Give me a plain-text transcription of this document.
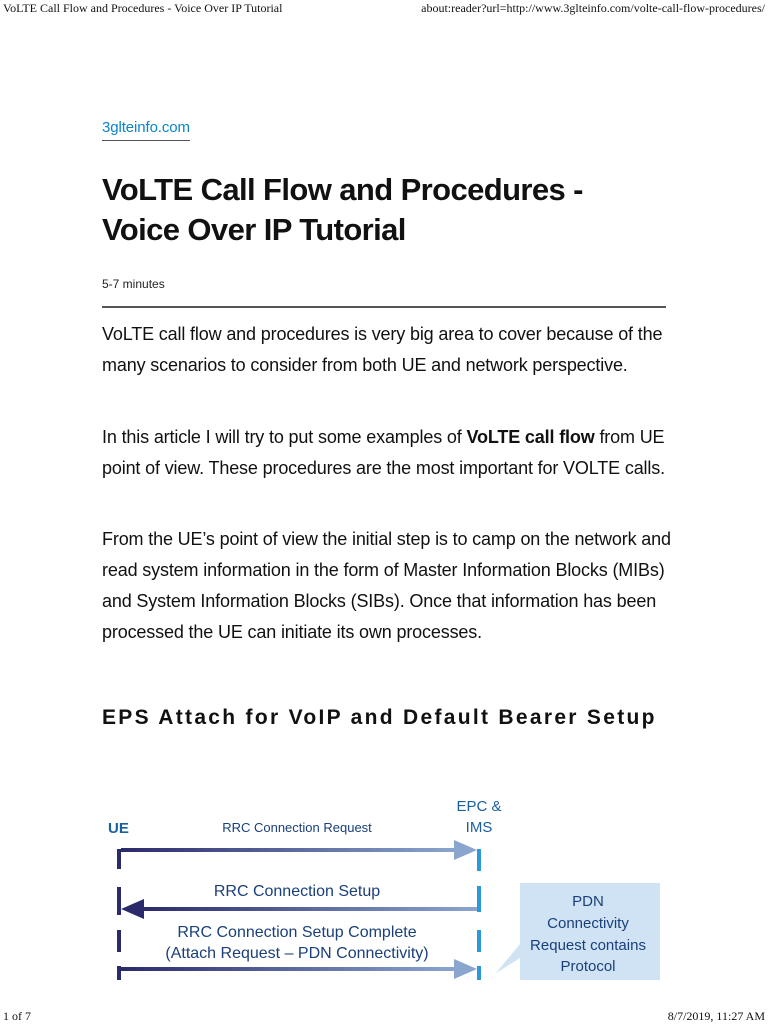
VoLTE Call Flow and Procedures - Voice Over IP Tutorial	about:reader?url=http://www.3glteinfo.com/volte-call-flow-procedures/
3glteinfo.com
VoLTE Call Flow and Procedures - Voice Over IP Tutorial
5-7 minutes

VoLTE call flow and procedures is very big area to cover because of the many scenarios to consider from both UE and network perspective.

In this article I will try to put some examples of VoLTE call flow from UE point of view. These procedures are the most important for VOLTE calls.

From the UE’s point of view the initial step is to camp on the network and read system information in the form of Master Information Blocks (MIBs) and System Information Blocks (SIBs). Once that information has been processed the UE can initiate its own processes.

EPS Attach for VoIP and Default Bearer Setup
UE
EPC &
IMS
RRC Connection Request
RRC Connection Setup
RRC Connection Setup Complete
(Attach Request – PDN Connectivity)
PDN
Connectivity
Request contains
Protocol
1 of 7	8/7/2019, 11:27 AM
